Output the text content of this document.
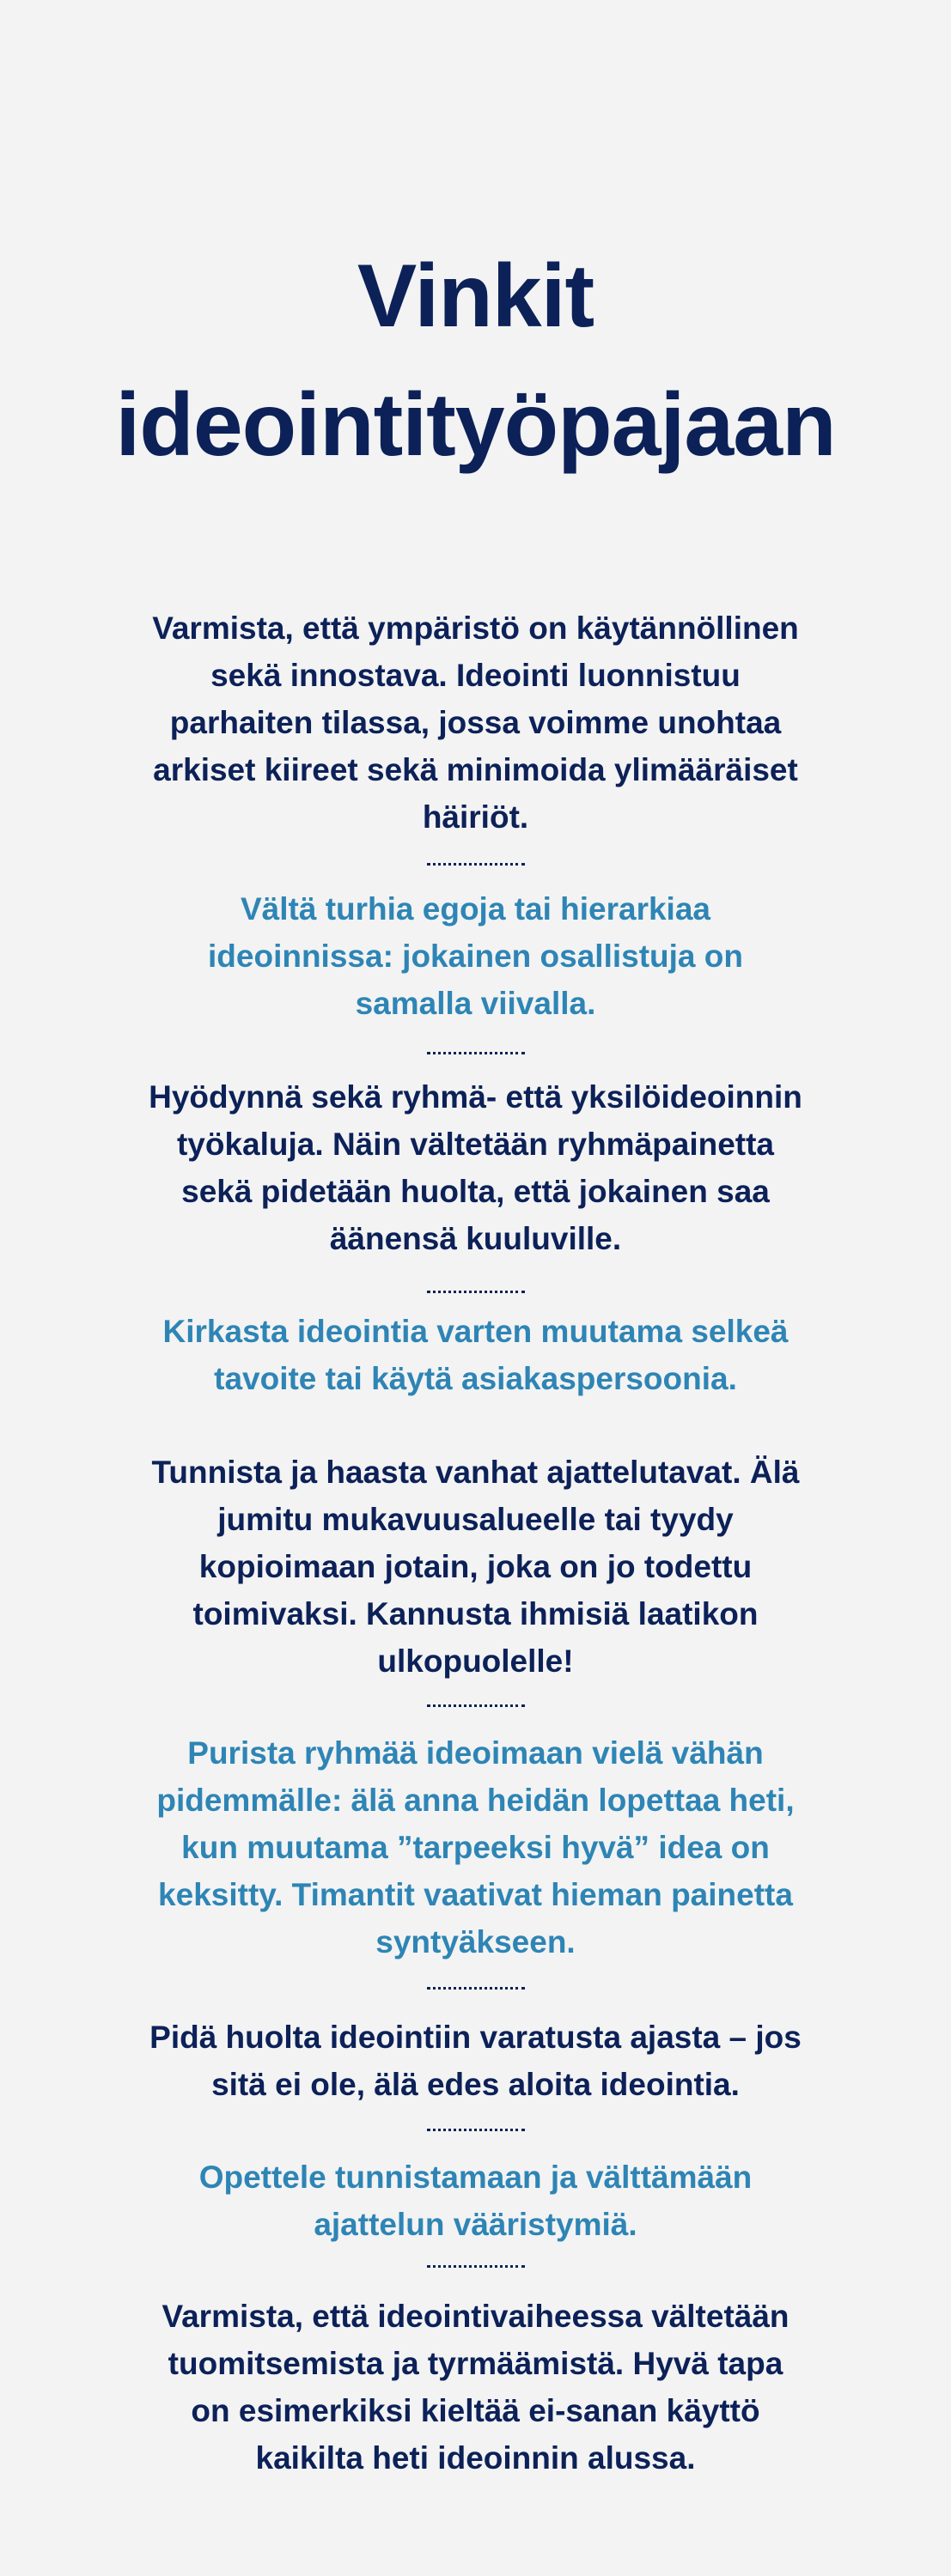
Vinkit
ideointityöpajaan

Varmista, että ympäristö on käytännöllinen sekä innostava. Ideointi luonnistuu parhaiten tilassa, jossa voimme unohtaa arkiset kiireet sekä minimoida ylimääräiset häiriöt.

Vältä turhia egoja tai hierarkiaa ideoinnissa: jokainen osallistuja on samalla viivalla.

Hyödynnä sekä ryhmä- että yksilöideoinnin työkaluja. Näin vältetään ryhmäpainetta sekä pidetään huolta, että jokainen saa äänensä kuuluville.

Kirkasta ideointia varten muutama selkeä tavoite tai käytä asiakaspersoonia.

Tunnista ja haasta vanhat ajattelutavat. Älä jumitu mukavuusalueelle tai tyydy kopioimaan jotain, joka on jo todettu toimivaksi. Kannusta ihmisiä laatikon ulkopuolelle!

Purista ryhmää ideoimaan vielä vähän pidemmälle: älä anna heidän lopettaa heti, kun muutama ”tarpeeksi hyvä” idea on keksitty. Timantit vaativat hieman painetta syntyäkseen.

Pidä huolta ideointiin varatusta ajasta – jos sitä ei ole, älä edes aloita ideointia.

Opettele tunnistamaan ja välttämään ajattelun vääristymiä.

Varmista, että ideointivaiheessa vältetään tuomitsemista ja tyrmäämistä. Hyvä tapa on esimerkiksi kieltää ei-sanan käyttö kaikilta heti ideoinnin alussa.
